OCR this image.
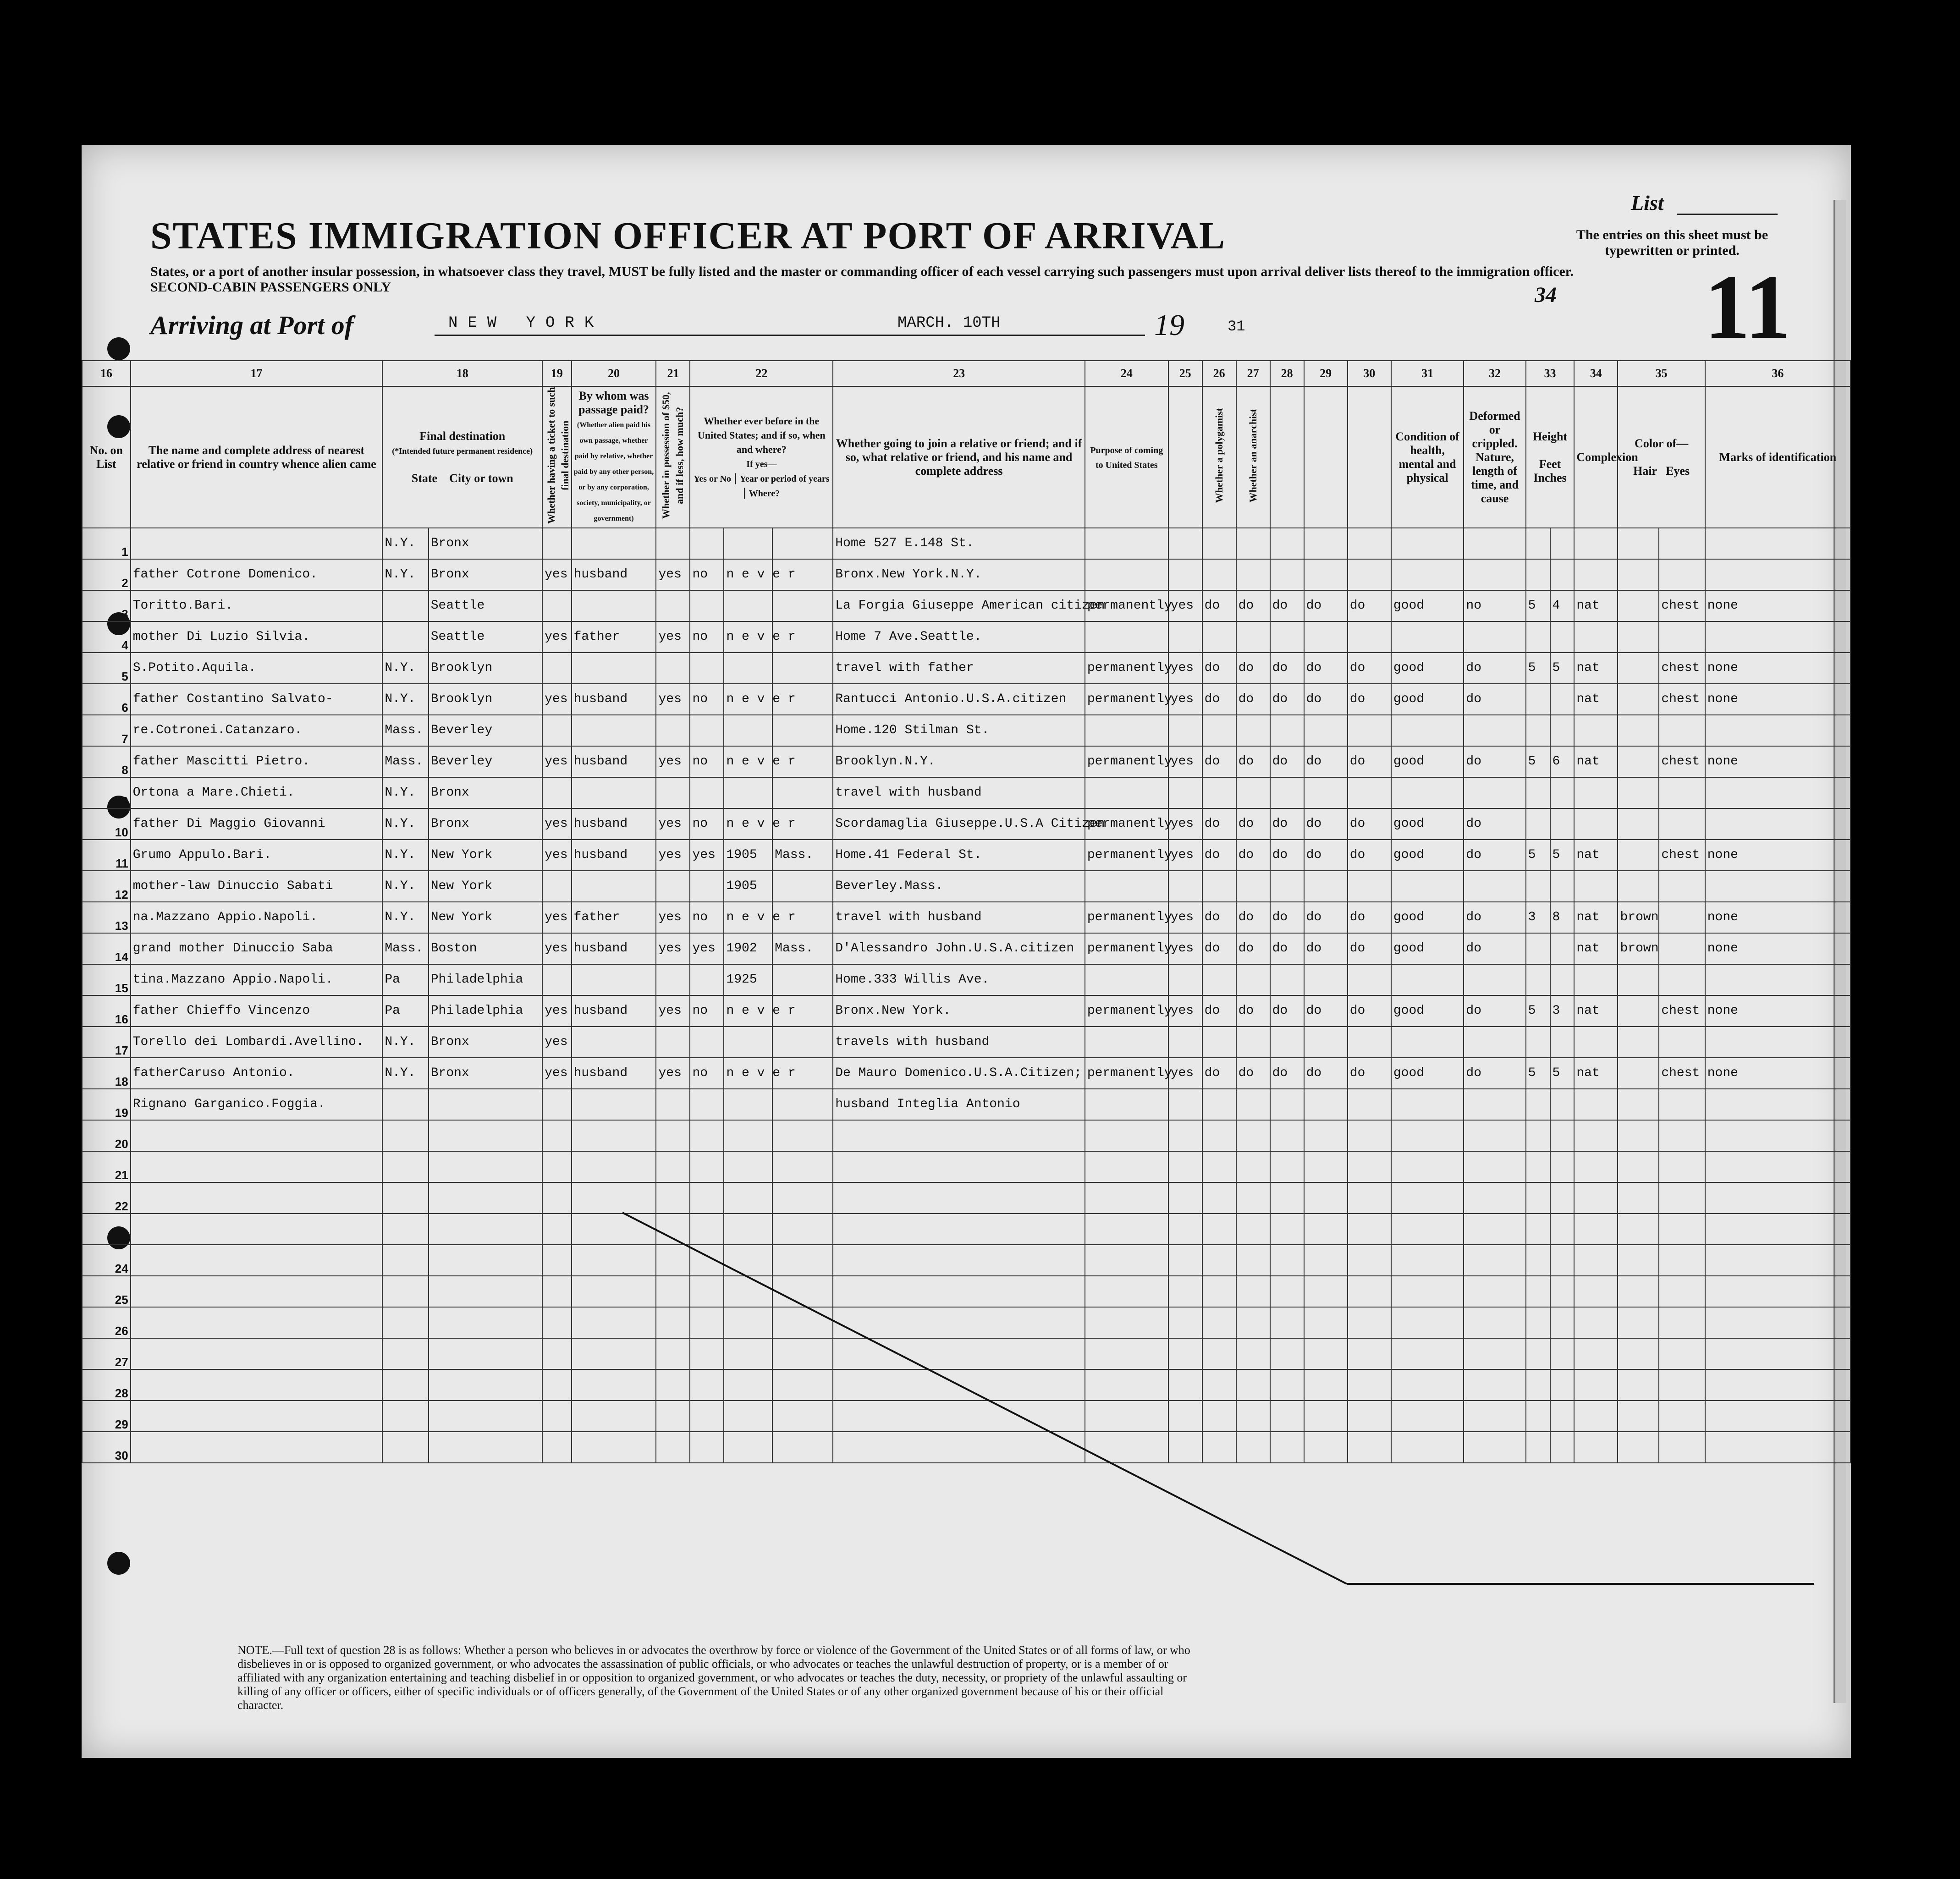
STATES IMMIGRATION OFFICER AT PORT OF ARRIVAL
States, or a port of another insular possession, in whatsoever class they travel, MUST be fully listed and the master or commanding officer of each vessel carrying such passengers must upon arrival deliver lists thereof to the immigration officer.
SECOND-CABIN PASSENGERS ONLY
Arriving at Port of	NEW YORK	MARCH. 10TH	19	31
List
The entries on this sheet must be typewritten or printed.
34 11
16	17	18		19	20	21	22			23	24	25	26	27	28	29	30	31	32	33		34	35		36
No. on List	The name and complete address of nearest relative or friend in country whence alien came	Final destination
(*Intended future permanent residence)

State City or town		Whether having a ticket to such final destination	By whom was passage paid?
(Whether alien paid his own passage, whether paid by relative, whether paid by any other person, or by any corporation, society, municipality, or government)	Whether in possession of $50, and if less, how much?	Whether ever before in the United States; and if so, when and where?
If yes—
Yes or No | Year or period of years | Where?			Whether going to join a relative or friend; and if so, what relative or friend, and his name and complete address	Purpose of coming to United States		Whether a polygamist	Whether an anarchist				Condition of health, mental and physical	Deformed or crippled. Nature, length of time, and cause	Height

Feet Inches		Complexion	Color of—

Hair Eyes		Marks of identification
1		N.Y.	Bronx							Home 527 E.148 St.															
2	father Cotrone Domenico.	N.Y.	Bronx	yes	husband	yes	no	n e v e r		Bronx.New York.N.Y.															
3	Toritto.Bari.		Seattle							La Forgia Giuseppe American citizen	permanently	yes	do	do	do	do	do	good	no	5	4	nat		chest	none
4	mother Di Luzio Silvia.		Seattle	yes	father	yes	no	n e v e r		Home 7 Ave.Seattle.															
5	S.Potito.Aquila.	N.Y.	Brooklyn							travel with father	permanently	yes	do	do	do	do	do	good	do	5	5	nat		chest	none
6	father Costantino Salvato-	N.Y.	Brooklyn	yes	husband	yes	no	n e v e r		Rantucci Antonio.U.S.A.citizen	permanently	yes	do	do	do	do	do	good	do			nat		chest	none
7	re.Cotronei.Catanzaro.	Mass.	Beverley							Home.120 Stilman St.															
8	father Mascitti Pietro.	Mass.	Beverley	yes	husband	yes	no	n e v e r		Brooklyn.N.Y.	permanently	yes	do	do	do	do	do	good	do	5	6	nat		chest	none
9	Ortona a Mare.Chieti.	N.Y.	Bronx							travel with husband															
10	father Di Maggio Giovanni	N.Y.	Bronx	yes	husband	yes	no	n e v e r		Scordamaglia Giuseppe.U.S.A Citizen	permanently	yes	do	do	do	do	do	good	do						
11	Grumo Appulo.Bari.	N.Y.	New York	yes	husband	yes	yes	1905	Mass.	Home.41 Federal St.	permanently	yes	do	do	do	do	do	good	do	5	5	nat		chest	none
12	mother-law Dinuccio Sabati	N.Y.	New York					1905		Beverley.Mass.															
13	na.Mazzano Appio.Napoli.	N.Y.	New York	yes	father	yes	no	n e v e r		travel with husband	permanently	yes	do	do	do	do	do	good	do	3	8	nat	brown		none
14	grand mother Dinuccio Saba	Mass.	Boston	yes	husband	yes	yes	1902	Mass.	D'Alessandro John.U.S.A.citizen	permanently	yes	do	do	do	do	do	good	do			nat	brown		none
15	tina.Mazzano Appio.Napoli.	Pa	Philadelphia					1925		Home.333 Willis Ave.															
16	father Chieffo Vincenzo	Pa	Philadelphia	yes	husband	yes	no	n e v e r		Bronx.New York.	permanently	yes	do	do	do	do	do	good	do	5	3	nat		chest	none
17	Torello dei Lombardi.Avellino.	N.Y.	Bronx	yes						travels with husband															
18	fatherCaruso Antonio.	N.Y.	Bronx	yes	husband	yes	no	n e v e r		De Mauro Domenico.U.S.A.Citizen;	permanently	yes	do	do	do	do	do	good	do	5	5	nat		chest	none
19	Rignano Garganico.Foggia.									husband Integlia Antonio															
20																									
21																									
22																									
23																									
24																									
25																									
26																									
27																									
28																									
29																									
30																									
NOTE.—Full text of question 28 is as follows: Whether a person who believes in or advocates the overthrow by force or violence of the Government of the United States or of all forms of law, or who disbelieves in or is opposed to organized government, or who advocates the assassination of public officials, or who advocates or teaches the unlawful destruction of property, or is a member of or affiliated with any organization entertaining and teaching disbelief in or opposition to organized government, or who advocates or teaches the duty, necessity, or propriety of the unlawful assaulting or killing of any officer or officers, either of specific individuals or of officers generally, of the Government of the United States or of any other organized government because of his or their official character.
